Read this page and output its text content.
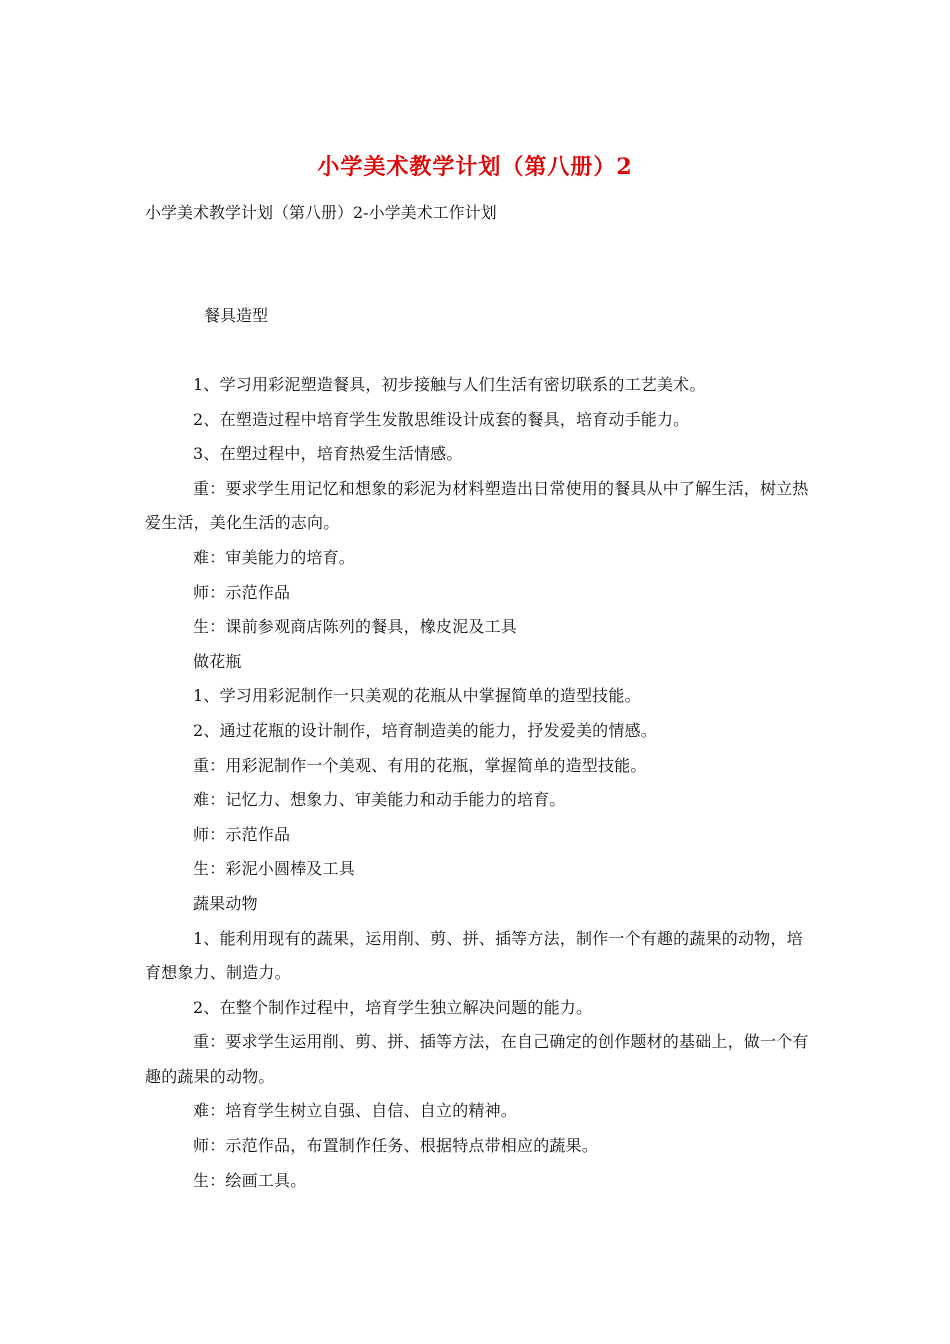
小学美术教学计划（第八册）2
小学美术教学计划（第八册）2-小学美术工作计划
餐具造型

1、学习用彩泥塑造餐具，初步接触与人们生活有密切联系的工艺美术。

2、在塑造过程中培育学生发散思维设计成套的餐具，培育动手能力。

3、在塑过程中，培育热爱生活情感。

重：要求学生用记忆和想象的彩泥为材料塑造出日常使用的餐具从中了解生活，树立热爱生活，美化生活的志向。

难：审美能力的培育。

师：示范作品

生：课前参观商店陈列的餐具，橡皮泥及工具

做花瓶

1、学习用彩泥制作一只美观的花瓶从中掌握简单的造型技能。

2、通过花瓶的设计制作，培育制造美的能力，抒发爱美的情感。

重：用彩泥制作一个美观、有用的花瓶，掌握简单的造型技能。

难：记忆力、想象力、审美能力和动手能力的培育。

师：示范作品

生：彩泥小圆棒及工具

蔬果动物

1、能利用现有的蔬果，运用削、剪、拼、插等方法，制作一个有趣的蔬果的动物，培育想象力、制造力。

2、在整个制作过程中，培育学生独立解决问题的能力。

重：要求学生运用削、剪、拼、插等方法，在自己确定的创作题材的基础上，做一个有趣的蔬果的动物。

难：培育学生树立自强、自信、自立的精神。

师：示范作品，布置制作任务、根据特点带相应的蔬果。

生：绘画工具。
